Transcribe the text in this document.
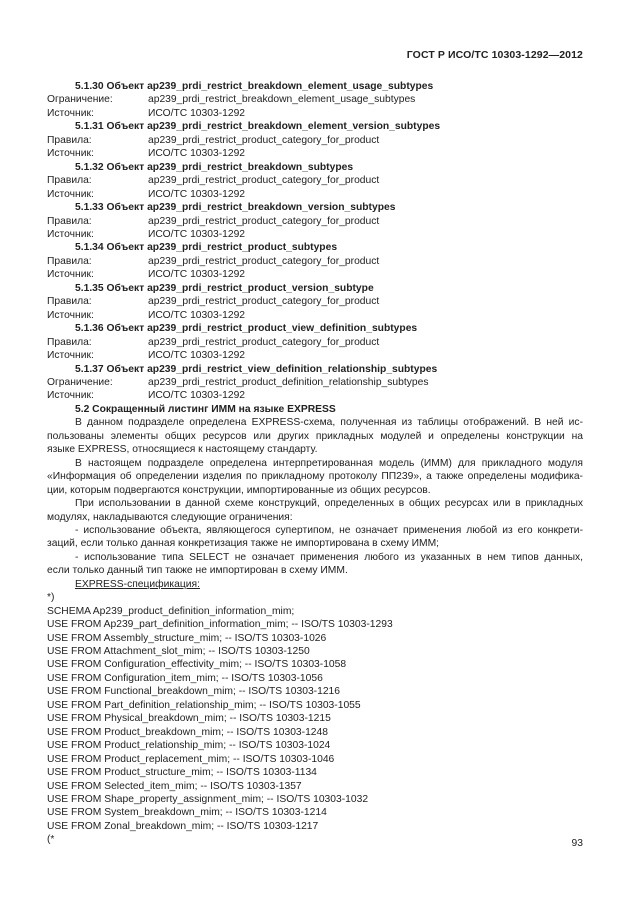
ГОСТ Р ИСО/ТС 10303-1292—2012
5.1.30 Объект ap239_prdi_restrict_breakdown_element_usage_subtypes
Ограничение:	ap239_prdi_restrict_breakdown_element_usage_subtypes
Источник:	ИСО/ТС 10303-1292
5.1.31 Объект ap239_prdi_restrict_breakdown_element_version_subtypes
Правила:	ap239_prdi_restrict_product_category_for_product
Источник:	ИСО/ТС 10303-1292
5.1.32 Объект ap239_prdi_restrict_breakdown_subtypes
Правила:	ap239_prdi_restrict_product_category_for_product
Источник:	ИСО/ТС 10303-1292
5.1.33 Объект ap239_prdi_restrict_breakdown_version_subtypes
Правила:	ap239_prdi_restrict_product_category_for_product
Источник:	ИСО/ТС 10303-1292
5.1.34 Объект ap239_prdi_restrict_product_subtypes
Правила:	ap239_prdi_restrict_product_category_for_product
Источник:	ИСО/ТС 10303-1292
5.1.35 Объект ap239_prdi_restrict_product_version_subtype
Правила:	ap239_prdi_restrict_product_category_for_product
Источник:	ИСО/ТС 10303-1292
5.1.36 Объект ap239_prdi_restrict_product_view_definition_subtypes
Правила:	ap239_prdi_restrict_product_category_for_product
Источник:	ИСО/ТС 10303-1292
5.1.37 Объект ap239_prdi_restrict_view_definition_relationship_subtypes
Ограничение:	ap239_prdi_restrict_product_definition_relationship_subtypes
Источник:	ИСО/ТС 10303-1292
5.2 Сокращенный листинг ИММ на языке EXPRESS
В данном подразделе определена EXPRESS-схема, полученная из таблицы отображений. В ней ис-
пользованы элементы общих ресурсов или других прикладных модулей и определены конструкции на
языке EXPRESS, относящиеся к настоящему стандарту.
В настоящем подразделе определена интерпретированная модель (ИММ) для прикладного модуля
«Информация об определении изделия по прикладному протоколу ПП239», а также определены модифика-
ции, которым подвергаются конструкции, импортированные из общих ресурсов.
При использовании в данной схеме конструкций, определенных в общих ресурсах или в прикладных
модулях, накладываются следующие ограничения:
- использование объекта, являющегося супертипом, не означает применения любой из его конкрети-
заций, если только данная конкретизация также не импортирована в схему ИММ;
- использование типа SELECT не означает применения любого из указанных в нем типов данных,
если только данный тип также не импортирован в схему ИММ.
EXPRESS-спецификация:
*)
SCHEMA Ap239_product_definition_information_mim;
USE FROM Ap239_part_definition_information_mim; -- ISO/TS 10303-1293
USE FROM Assembly_structure_mim; -- ISO/TS 10303-1026
USE FROM Attachment_slot_mim; -- ISO/TS 10303-1250
USE FROM Configuration_effectivity_mim; -- ISO/TS 10303-1058
USE FROM Configuration_item_mim; -- ISO/TS 10303-1056
USE FROM Functional_breakdown_mim; -- ISO/TS 10303-1216
USE FROM Part_definition_relationship_mim; -- ISO/TS 10303-1055
USE FROM Physical_breakdown_mim; -- ISO/TS 10303-1215
USE FROM Product_breakdown_mim; -- ISO/TS 10303-1248
USE FROM Product_relationship_mim; -- ISO/TS 10303-1024
USE FROM Product_replacement_mim; -- ISO/TS 10303-1046
USE FROM Product_structure_mim; -- ISO/TS 10303-1134
USE FROM Selected_item_mim; -- ISO/TS 10303-1357
USE FROM Shape_property_assignment_mim; -- ISO/TS 10303-1032
USE FROM System_breakdown_mim; -- ISO/TS 10303-1214
USE FROM Zonal_breakdown_mim; -- ISO/TS 10303-1217
(*	93
